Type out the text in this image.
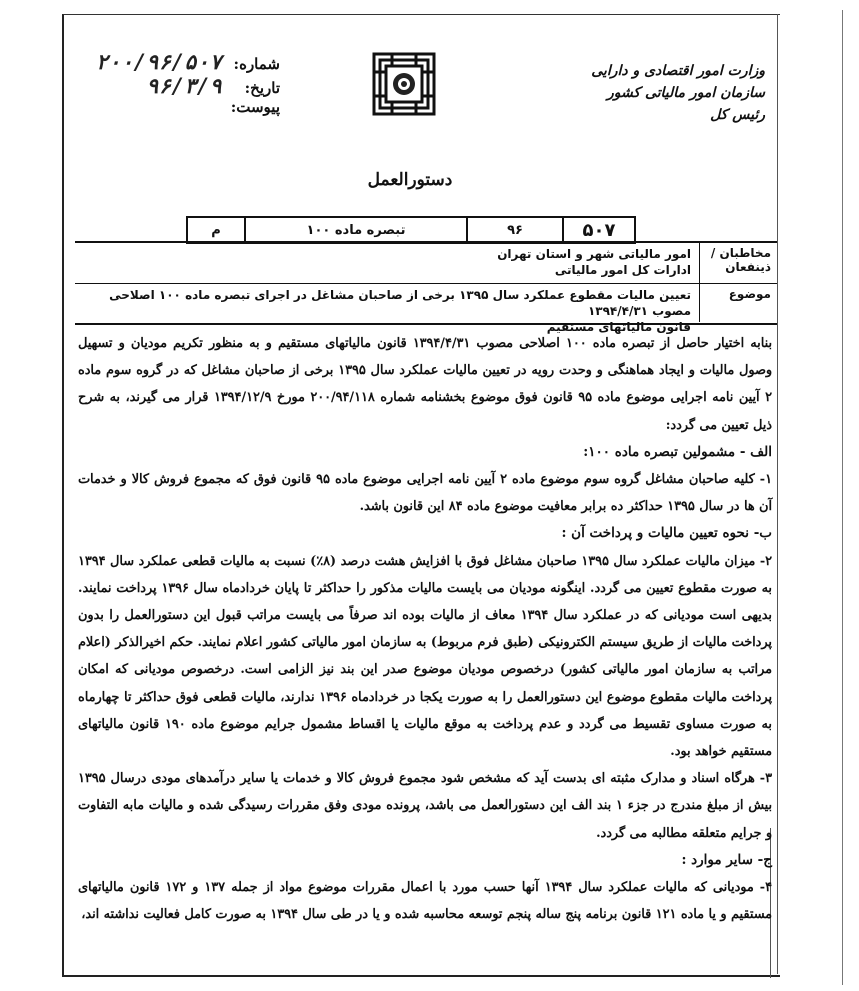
شماره:
۲۰۰/۹۶/۵۰۷
تاریخ:
۹۶/۳/۹
پیوست:
وزارت امور اقتصادی و دارایی
سازمان امور مالیاتی کشور
رئیس کل
دستورالعمل
م	تبصره ماده ۱۰۰	۹۶	۵۰۷
مخاطبان / ذینفعان
امور مالیاتی شهر و استان تهران
ادارات کل امور مالیاتی
موضوع
تعیین مالیات مقطوع عملکرد سال ۱۳۹۵ برخی از صاحبان مشاغل در اجرای تبصره ماده ۱۰۰ اصلاحی مصوب ۱۳۹۴/۴/۳۱
قانون مالیاتهای مستقیم

بنابه اختیار حاصل از تبصره ماده ۱۰۰ اصلاحی مصوب ۱۳۹۴/۴/۳۱ قانون مالیاتهای مستقیم و به منظور تکریم مودیان و تسهیل وصول مالیات و ایجاد هماهنگی و وحدت رویه در تعیین مالیات عملکرد سال ۱۳۹۵ برخی از صاحبان مشاغل که در گروه سوم ماده ۲ آیین نامه اجرایی موضوع ماده ۹۵ قانون فوق موضوع بخشنامه شماره ۲۰۰/۹۴/۱۱۸ مورخ ۱۳۹۴/۱۲/۹ قرار می گیرند، به شرح ذیل تعیین می گردد:

الف - مشمولین تبصره ماده ۱۰۰:

۱- کلیه صاحبان مشاغل گروه سوم موضوع ماده ۲ آیین نامه اجرایی موضوع ماده ۹۵ قانون فوق که مجموع فروش کالا و خدمات آن ها در سال ۱۳۹۵ حداکثر ده برابر معافیت موضوع ماده ۸۴ این قانون باشد.

ب- نحوه تعیین مالیات و پرداخت آن :

۲- میزان مالیات عملکرد سال ۱۳۹۵ صاحبان مشاغل فوق با افزایش هشت درصد (۸٪) نسبت به مالیات قطعی عملکرد سال ۱۳۹۴ به صورت مقطوع تعیین می گردد. اینگونه مودیان می بایست مالیات مذکور را حداکثر تا پایان خردادماه سال ۱۳۹۶ پرداخت نمایند. بدیهی است مودیانی که در عملکرد سال ۱۳۹۴ معاف از مالیات بوده اند صرفاً می بایست مراتب قبول این دستورالعمل را بدون پرداخت مالیات از طریق سیستم الکترونیکی (طبق فرم مربوط) به سازمان امور مالیاتی کشور اعلام نمایند. حکم اخیرالذکر (اعلام مراتب به سازمان امور مالیاتی کشور) درخصوص مودیان موضوع صدر این بند نیز الزامی است. درخصوص مودیانی که امکان پرداخت مالیات مقطوع موضوع این دستورالعمل را به صورت یکجا در خردادماه ۱۳۹۶ ندارند، مالیات قطعی فوق حداکثر تا چهارماه به صورت مساوی تقسیط می گردد و عدم پرداخت به موقع مالیات یا اقساط مشمول جرایم موضوع ماده ۱۹۰ قانون مالیاتهای مستقیم خواهد بود.

۳- هرگاه اسناد و مدارک مثبته ای بدست آید که مشخص شود مجموع فروش کالا و خدمات یا سایر درآمدهای مودی درسال ۱۳۹۵ بیش از مبلغ مندرج در جزء ۱ بند الف این دستورالعمل می باشد، پرونده مودی وفق مقررات رسیدگی شده و مالیات مابه التفاوت و جرایم متعلقه مطالبه می گردد.

ج- سایر موارد :

۴- مودیانی که مالیات عملکرد سال ۱۳۹۴ آنها حسب مورد با اعمال مقررات موضوع مواد از جمله ۱۳۷ و ۱۷۲ قانون مالیاتهای مستقیم و یا ماده ۱۲۱ قانون برنامه پنج ساله پنجم توسعه محاسبه شده و یا در طی سال ۱۳۹۴ به صورت کامل فعالیت نداشته اند،
